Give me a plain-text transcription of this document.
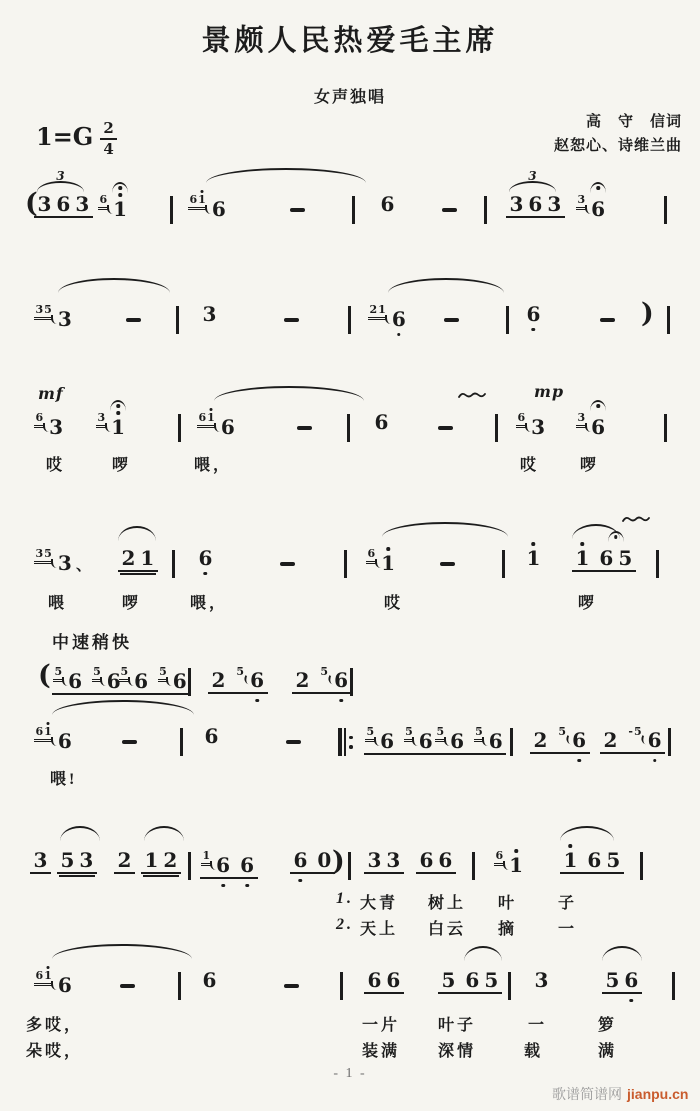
景颇人民热爱毛主席
女声独唱
$1=G \frac{2}{4}$	高　守　信词
赵恕心、诗维兰曲
( 3 6 3
3
6 1	6 1 6	6	3 6 3
3
3 6
3 5 3	3	2 1 6	6	)
mf
6 3	3 1	6 1 6	6
mp
6 3	3 6
哎	啰	喂，	哎	啰
3 5 3 、 2 1 6	6 1	1 1 6 5
喂	啰	喂，	哎	啰
中速稍快
( 5 6 5 6 5 6 5 6 2 5 6 2 5 6
6 1 6	6	5 6 5 6 5 6 5 6 2 5 6 2 - 5 6
喂!
3 5 3 2 1 2 1 6 6 6 0 ) 3 3 6 6	6 1 1 6 5
1. 大青 树上 叶	子
2. 天上 白云 摘	一
6 1 6	6	6 6 5 6 5 3	5 6
多哎，	一片 叶子	一	箩
朵哎，	装满 深情	载	满
- 1 -
歌谱简谱网 jianpu.cn
